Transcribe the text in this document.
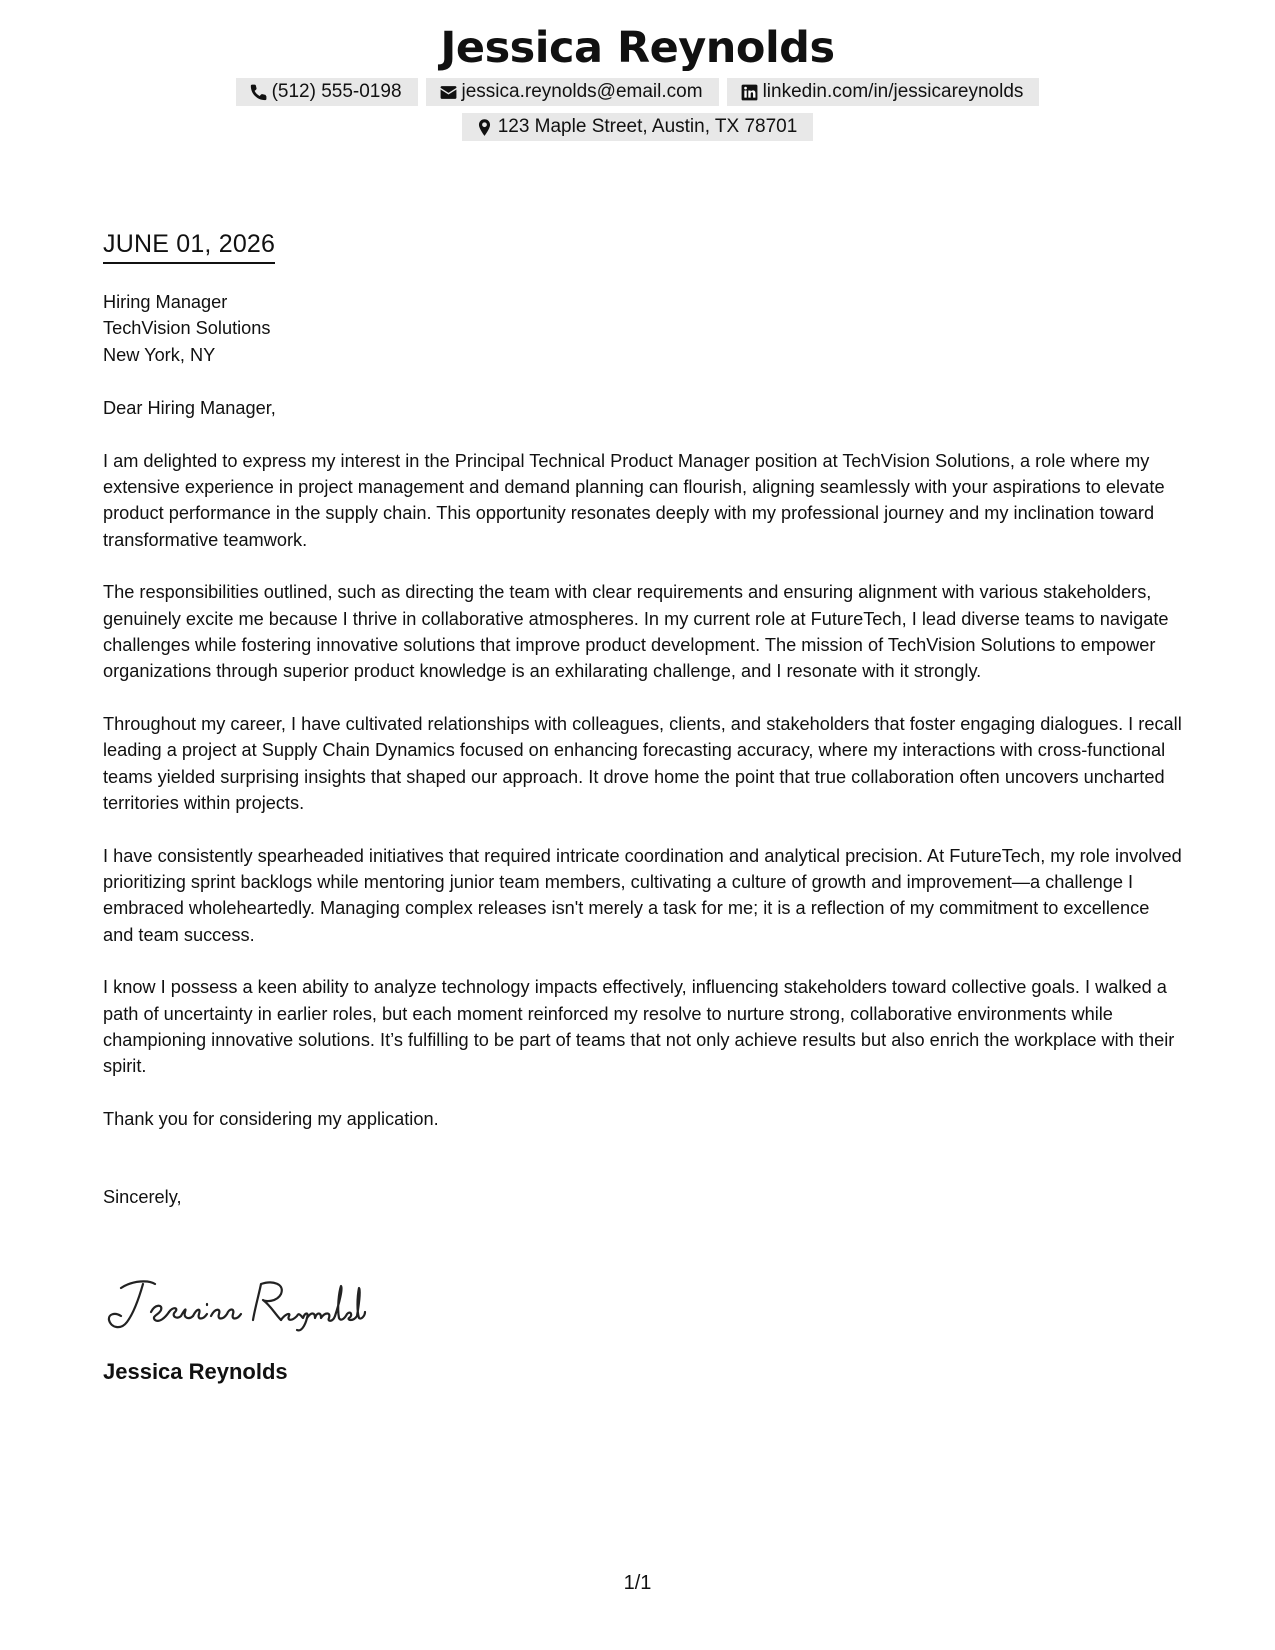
Jessica Reynolds
(512) 555-0198	jessica.reynolds@email.com	linkedin.com/in/jessicareynolds
123 Maple Street, Austin, TX 78701
JUNE 01, 2026

Hiring Manager

TechVision Solutions

New York, NY

Dear Hiring Manager,

I am delighted to express my interest in the Principal Technical Product Manager position at TechVision Solutions, a role where my extensive experience in project management and demand planning can flourish, aligning seamlessly with your aspirations to elevate product performance in the supply chain. This opportunity resonates deeply with my professional journey and my inclination toward transformative teamwork.

The responsibilities outlined, such as directing the team with clear requirements and ensuring alignment with various stakeholders, genuinely excite me because I thrive in collaborative atmospheres. In my current role at FutureTech, I lead diverse teams to navigate challenges while fostering innovative solutions that improve product development. The mission of TechVision Solutions to empower organizations through superior product knowledge is an exhilarating challenge, and I resonate with it strongly.

Throughout my career, I have cultivated relationships with colleagues, clients, and stakeholders that foster engaging dialogues. I recall leading a project at Supply Chain Dynamics focused on enhancing forecasting accuracy, where my interactions with cross-functional teams yielded surprising insights that shaped our approach. It drove home the point that true collaboration often uncovers uncharted territories within projects.

I have consistently spearheaded initiatives that required intricate coordination and analytical precision. At FutureTech, my role involved prioritizing sprint backlogs while mentoring junior team members, cultivating a culture of growth and improvement—a challenge I embraced wholeheartedly. Managing complex releases isn't merely a task for me; it is a reflection of my commitment to excellence and team success.

I know I possess a keen ability to analyze technology impacts effectively, influencing stakeholders toward collective goals. I walked a path of uncertainty in earlier roles, but each moment reinforced my resolve to nurture strong, collaborative environments while championing innovative solutions. It’s fulfilling to be part of teams that not only achieve results but also enrich the workplace with their spirit.

Thank you for considering my application.

Sincerely,

Jessica Reynolds
1/1
